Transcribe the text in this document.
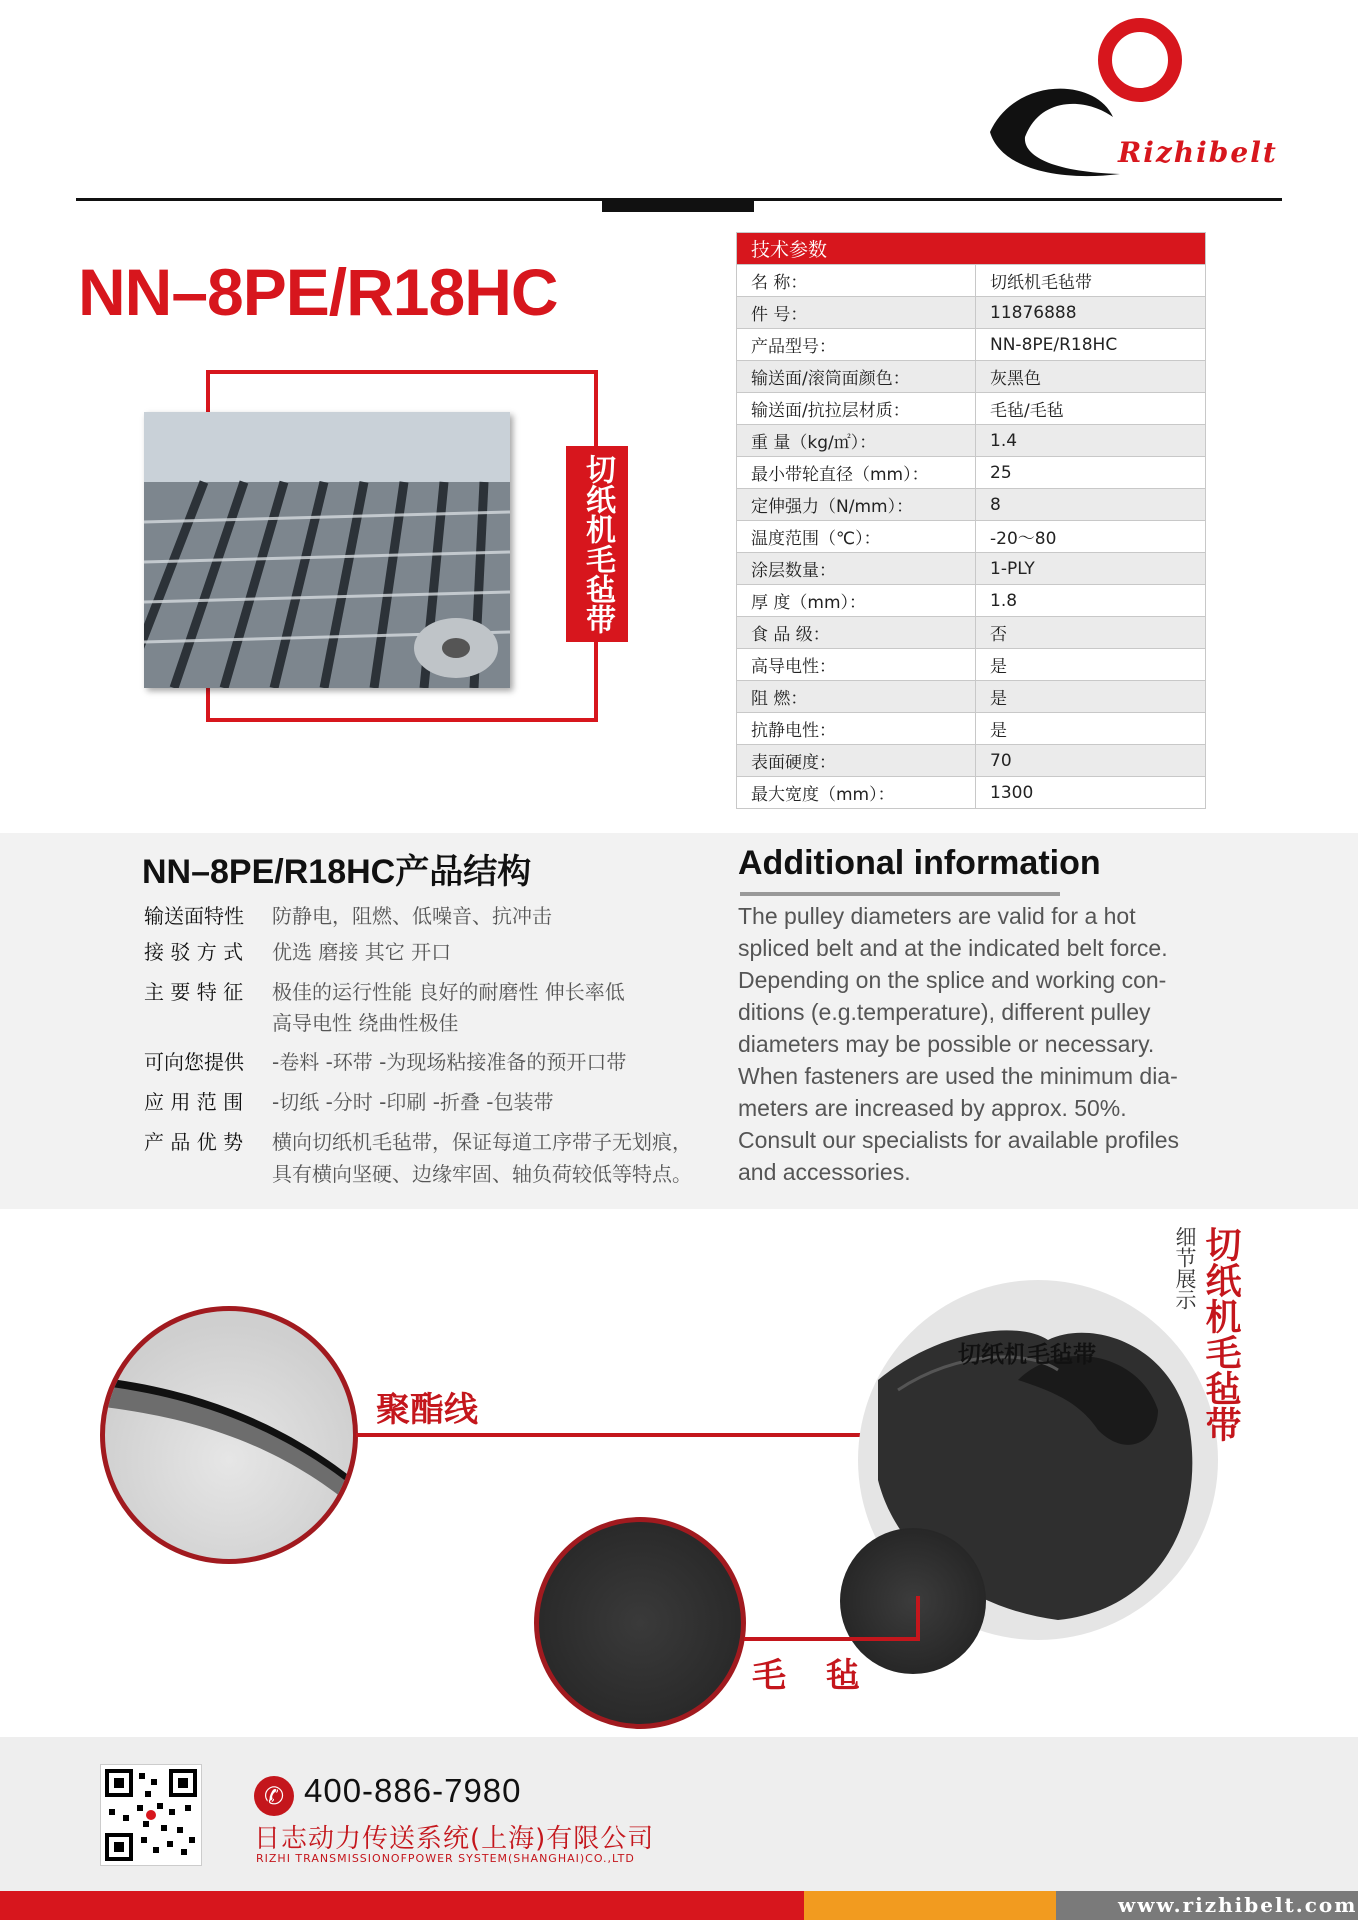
Rizhibelt
NN–8PE/R18HC
切纸机毛毡带
技术参数	
名 称：	切纸机毛毡带
件 号：	11876888
产品型号：	NN-8PE/R18HC
输送面/滚筒面颜色：	灰黑色
输送面/抗拉层材质：	毛毡/毛毡
重 量（kg/㎡）：	1.4
最小带轮直径（mm）：	25
定伸强力（N/mm）：	8
温度范围（℃）：	-20～80
涂层数量：	1-PLY
厚 度（mm）：	1.8
食 品 级：	否
高导电性：	是
阻 燃：	是
抗静电性：	是
表面硬度：	70
最大宽度（mm）：	1300
NN–8PE/R18HC产品结构
输送面特性 防静电，阻燃、低噪音、抗冲击
接 驳 方 式 优选 磨接 其它 开口
主 要 特 征 极佳的运行性能 良好的耐磨性 伸长率低
高导电性 绕曲性极佳
可向您提供 -卷料 -环带 -为现场粘接准备的预开口带
应 用 范 围 -切纸 -分时 -印刷 -折叠 -包装带
产 品 优 势 横向切纸机毛毡带，保证每道工序带子无划痕，
具有横向坚硬、边缘牢固、轴负荷较低等特点。
Additional information
The pulley diameters are valid for a hot
spliced belt and at the indicated belt force.
Depending on the splice and working con-
ditions (e.g.temperature), different pulley
diameters may be possible or necessary.
When fasteners are used the minimum dia-
meters are increased by approx. 50%.
Consult our specialists for available profiles
and accessories.
聚酯线
切纸机毛毡带
毛 毡
细节展示 切纸机毛毡带
✆ 400-886-7980
日志动力传送系统(上海)有限公司
RIZHI TRANSMISSIONOFPOWER SYSTEM(SHANGHAI)CO.,LTD
www.rizhibelt.com
